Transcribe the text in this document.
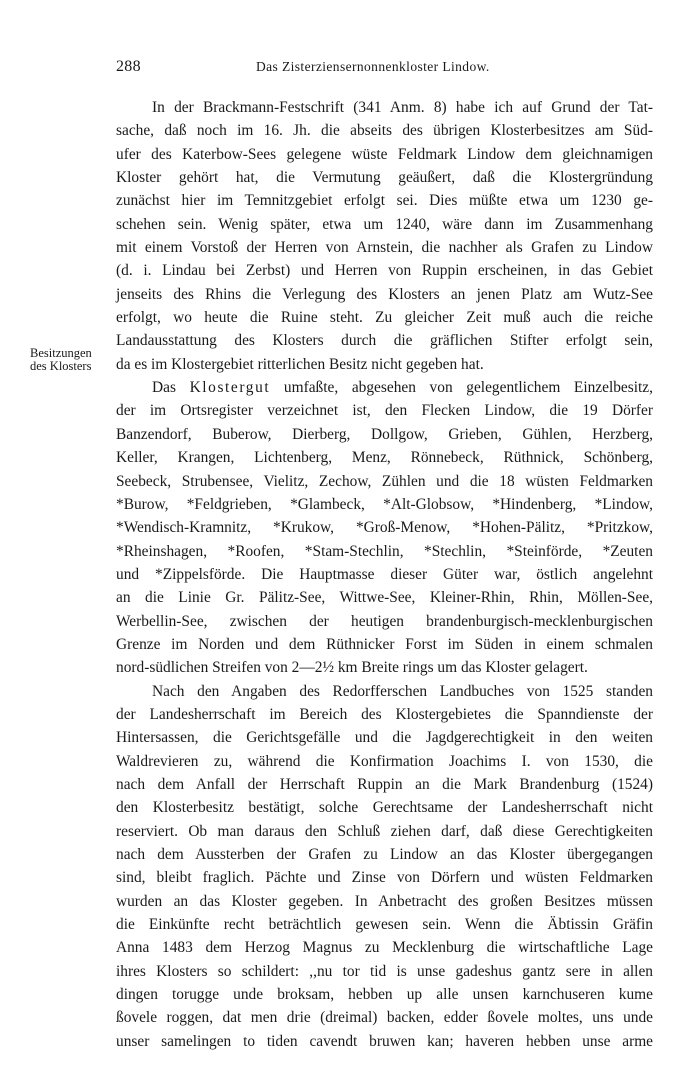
288	Das Zisterziensernonnenkloster Lindow.
Besitzungen
des Klosters
In der Brackmann-Festschrift (341 Anm. 8) habe ich auf Grund der Tat-
sache, daß noch im 16. Jh. die abseits des übrigen Klosterbesitzes am Süd-
ufer des Katerbow-Sees gelegene wüste Feldmark Lindow dem gleichnamigen
Kloster gehört hat, die Vermutung geäußert, daß die Klostergründung
zunächst hier im Temnitzgebiet erfolgt sei. Dies müßte etwa um 1230 ge-
schehen sein. Wenig später, etwa um 1240, wäre dann im Zusammenhang
mit einem Vorstoß der Herren von Arnstein, die nachher als Grafen zu Lindow
(d. i. Lindau bei Zerbst) und Herren von Ruppin erscheinen, in das Gebiet
jenseits des Rhins die Verlegung des Klosters an jenen Platz am Wutz-See
erfolgt, wo heute die Ruine steht. Zu gleicher Zeit muß auch die reiche
Landausstattung des Klosters durch die gräflichen Stifter erfolgt sein,
da es im Klostergebiet ritterlichen Besitz nicht gegeben hat.
Das Klostergut umfaßte, abgesehen von gelegentlichem Einzelbesitz,
der im Ortsregister verzeichnet ist, den Flecken Lindow, die 19 Dörfer
Banzendorf, Buberow, Dierberg, Dollgow, Grieben, Gühlen, Herzberg,
Keller, Krangen, Lichtenberg, Menz, Rönnebeck, Rüthnick, Schönberg,
Seebeck, Strubensee, Vielitz, Zechow, Zühlen und die 18 wüsten Feldmarken
*Burow, *Feldgrieben, *Glambeck, *Alt-Globsow, *Hindenberg, *Lindow,
*Wendisch-Kramnitz, *Krukow, *Groß-Menow, *Hohen-Pälitz, *Pritzkow,
*Rheinshagen, *Roofen, *Stam-Stechlin, *Stechlin, *Steinförde, *Zeuten
und *Zippelsförde. Die Hauptmasse dieser Güter war, östlich angelehnt
an die Linie Gr. Pälitz-See, Wittwe-See, Kleiner-Rhin, Rhin, Möllen-See,
Werbellin-See, zwischen der heutigen brandenburgisch-mecklenburgischen
Grenze im Norden und dem Rüthnicker Forst im Süden in einem schmalen
nord-südlichen Streifen von 2—2½ km Breite rings um das Kloster gelagert.
Nach den Angaben des Redorfferschen Landbuches von 1525 standen
der Landesherrschaft im Bereich des Klostergebietes die Spanndienste der
Hintersassen, die Gerichtsgefälle und die Jagdgerechtigkeit in den weiten
Waldrevieren zu, während die Konfirmation Joachims I. von 1530, die
nach dem Anfall der Herrschaft Ruppin an die Mark Brandenburg (1524)
den Klosterbesitz bestätigt, solche Gerechtsame der Landesherrschaft nicht
reserviert. Ob man daraus den Schluß ziehen darf, daß diese Gerechtigkeiten
nach dem Aussterben der Grafen zu Lindow an das Kloster übergegangen
sind, bleibt fraglich. Pächte und Zinse von Dörfern und wüsten Feldmarken
wurden an das Kloster gegeben. In Anbetracht des großen Besitzes müssen
die Einkünfte recht beträchtlich gewesen sein. Wenn die Äbtissin Gräfin
Anna 1483 dem Herzog Magnus zu Mecklenburg die wirtschaftliche Lage
ihres Klosters so schildert: ,,nu tor tid is unse gadeshus gantz sere in allen
dingen torugge unde broksam, hebben up alle unsen karnchuseren kume
ßovele roggen, dat men drie (dreimal) backen, edder ßovele moltes, uns unde
unser samelingen to tiden cavendt bruwen kan; haveren hebben unse arme
